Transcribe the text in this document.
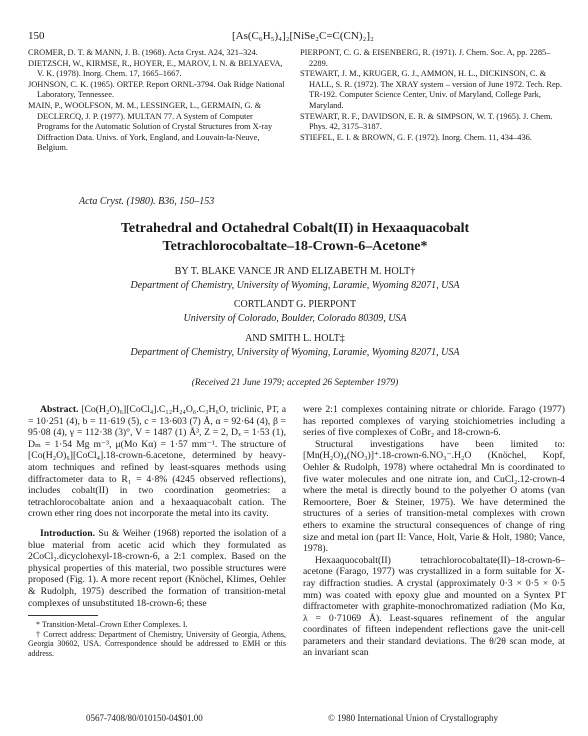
150	[As(C₆H₅)₄]₂[NiSe₂C=C(CN)₂]₂

CROMER, D. T. & MANN, J. B. (1968). Acta Cryst. A24, 321–324.

DIETZSCH, W., KIRMSE, R., HOYER, E., MAROV, I. N. & BELYAEVA, V. K. (1978). Inorg. Chem. 17, 1665–1667.

JOHNSON, C. K. (1965). ORTEP. Report ORNL-3794. Oak Ridge National Laboratory, Tennessee.

MAIN, P., WOOLFSON, M. M., LESSINGER, L., GERMAIN, G. & DECLERCQ, J. P. (1977). MULTAN 77. A System of Computer Programs for the Automatic Solution of Crystal Structures from X-ray Diffraction Data. Univs. of York, England, and Louvain-la-Neuve, Belgium.

PIERPONT, C. G. & EISENBERG, R. (1971). J. Chem. Soc. A, pp. 2285–2289.

STEWART, J. M., KRUGER, G. J., AMMON, H. L., DICKINSON, C. & HALL, S. R. (1972). The XRAY system – version of June 1972. Tech. Rep. TR-192. Computer Science Center, Univ. of Maryland, College Park, Maryland.

STEWART, R. F., DAVIDSON, E. R. & SIMPSON, W. T. (1965). J. Chem. Phys. 42, 3175–3187.

STIEFEL, E. I. & BROWN, G. F. (1972). Inorg. Chem. 11, 434–436.

Acta Cryst. (1980). B36, 150–153
Tetrahedral and Octahedral Cobalt(II) in Hexaaquacobalt Tetrachlorocobaltate–18-Crown-6–Acetone*
BY T. BLAKE VANCE JR AND ELIZABETH M. HOLT†
Department of Chemistry, University of Wyoming, Laramie, Wyoming 82071, USA
CORTLANDT G. PIERPONT
University of Colorado, Boulder, Colorado 80309, USA
AND SMITH L. HOLT‡
Department of Chemistry, University of Wyoming, Laramie, Wyoming 82071, USA
(Received 21 June 1979; accepted 26 September 1979)

Abstract. [Co(H₂O)₆][CoCl₄].C₁₂H₂₄O₆.C₃H₆O, triclinic, P1̄, a = 10·251 (4), b = 11·619 (5), c = 13·603 (7) Å, α = 92·64 (4), β = 95·08 (4), γ = 112·38 (3)°, V = 1487 (1) Å³, Z = 2, Dₓ = 1·53 (1), Dₘ = 1·54 Mg m⁻³, μ(Mo Kα) = 1·57 mm⁻¹. The structure of [Co(H₂O)₆][CoCl₄].18-crown-6.acetone, determined by heavy-atom techniques and refined by least-squares methods using diffractometer data to R₁ = 4·8% (4245 observed reflections), includes cobalt(II) in two coordination geometries: a tetrachlorocobaltate anion and a hexaaquacobalt cation. The crown ether ring does not incorporate the metal into its cavity.

Introduction. Su & Weiher (1968) reported the isolation of a blue material from acetic acid which they formulated as 2CoCl₂.dicyclohexyl-18-crown-6, a 2:1 complex. Based on the physical properties of this material, two possible structures were proposed (Fig. 1). A more recent report (Knöchel, Klimes, Oehler & Rudolph, 1975) described the formation of transition-metal complexes of unsubstituted 18-crown-6; these

* Transition-Metal–Crown Ether Complexes. I.

† Correct address: Department of Chemistry, University of Georgia, Athens, Georgia 30602, USA. Correspondence should be addressed to EMH or this address.

were 2:1 complexes containing nitrate or chloride. Farago (1977) has reported complexes of varying stoichiometries including a series of five complexes of CoBr₂ and 18-crown-6.

Structural investigations have been limited to: [Mn(H₂O)₄(NO₃)]⁺.18-crown-6.NO₃⁻.H₂O (Knöchel, Kopf, Oehler & Rudolph, 1978) where octahedral Mn is coordinated to five water molecules and one nitrate ion, and CuCl₂.12-crown-4 where the metal is directly bound to the polyether O atoms (van Remoortere, Boer & Steiner, 1975). We have determined the structures of a series of transition-metal complexes with crown ethers to examine the structural consequences of change of ring size and metal ion (part II: Vance, Holt, Varie & Holt, 1980; Vance, 1978).

Hexaaquocobalt(II) tetrachlorocobaltate(II)–18-crown-6–acetone (Farago, 1977) was crystallized in a form suitable for X-ray diffraction studies. A crystal (approximately 0·3 × 0·5 × 0·5 mm) was coated with epoxy glue and mounted on a Syntex P1̄ diffractometer with graphite-monochromatized radiation (Mo Kα, λ = 0·71069 Å). Least-squares refinement of the angular coordinates of fifteen independent reflections gave the unit-cell parameters and their standard deviations. The θ/2θ scan mode, at an invariant scan

0567-7408/80/010150-04$01.00	© 1980 International Union of Crystallography
